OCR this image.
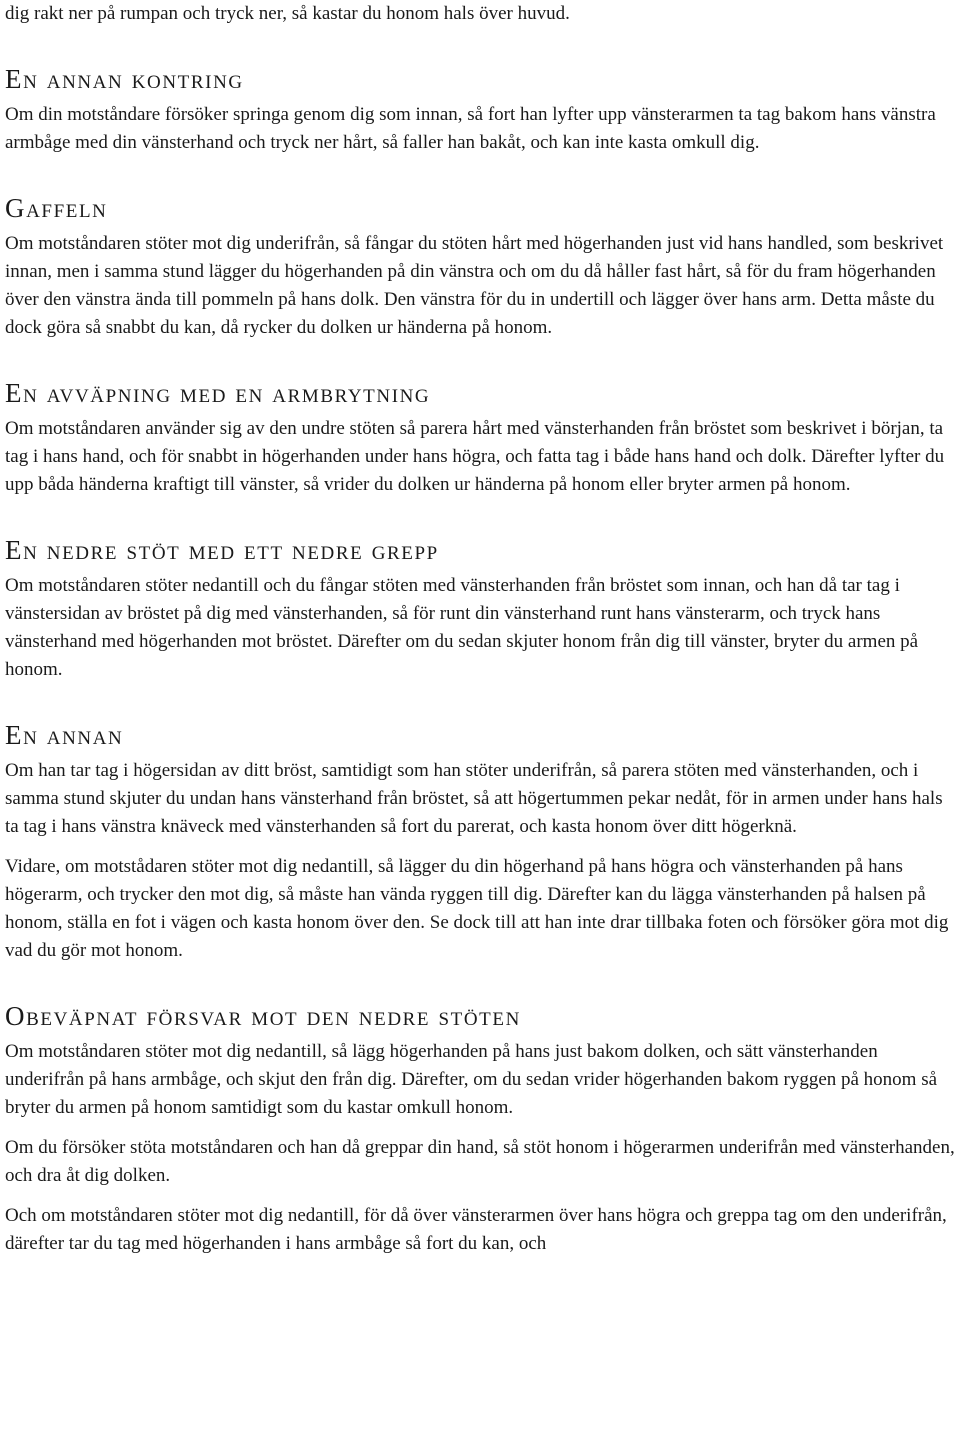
dig rakt ner på rumpan och tryck ner, så kastar du honom hals över huvud.

En annan kontring

Om din motståndare försöker springa genom dig som innan, så fort han lyfter upp vänsterarmen ta tag bakom hans vänstra armbåge med din vänsterhand och tryck ner hårt, så faller han bakåt, och kan inte kasta omkull dig.

Gaffeln

Om motståndaren stöter mot dig underifrån, så fångar du stöten hårt med högerhanden just vid hans handled, som beskrivet innan, men i samma stund lägger du högerhanden på din vänstra och om du då håller fast hårt, så för du fram högerhanden över den vänstra ända till pommeln på hans dolk. Den vänstra för du in undertill och lägger över hans arm. Detta måste du dock göra så snabbt du kan, då rycker du dolken ur händerna på honom.

En avväpning med en armbrytning

Om motståndaren använder sig av den undre stöten så parera hårt med vänsterhanden från bröstet som beskrivet i början, ta tag i hans hand, och för snabbt in högerhanden under hans högra, och fatta tag i både hans hand och dolk. Därefter lyfter du upp båda händerna kraftigt till vänster, så vrider du dolken ur händerna på honom eller bryter armen på honom.

En nedre stöt med ett nedre grepp

Om motståndaren stöter nedantill och du fångar stöten med vänsterhanden från bröstet som innan, och han då tar tag i vänstersidan av bröstet på dig med vänsterhanden, så för runt din vänsterhand runt hans vänsterarm, och tryck hans vänsterhand med högerhanden mot bröstet. Därefter om du sedan skjuter honom från dig till vänster, bryter du armen på honom.

En annan

Om han tar tag i högersidan av ditt bröst, samtidigt som han stöter underifrån, så parera stöten med vänsterhanden, och i samma stund skjuter du undan hans vänsterhand från bröstet, så att högertummen pekar nedåt, för in armen under hans hals ta tag i hans vänstra knäveck med vänsterhanden så fort du parerat, och kasta honom över ditt högerknä.

Vidare, om motstådaren stöter mot dig nedantill, så lägger du din högerhand på hans högra och vänsterhanden på hans högerarm, och trycker den mot dig, så måste han vända ryggen till dig. Därefter kan du lägga vänsterhanden på halsen på honom, ställa en fot i vägen och kasta honom över den. Se dock till att han inte drar tillbaka foten och försöker göra mot dig vad du gör mot honom.

Obeväpnat försvar mot den nedre stöten

Om motståndaren stöter mot dig nedantill, så lägg högerhanden på hans just bakom dolken, och sätt vänsterhanden underifrån på hans armbåge, och skjut den från dig. Därefter, om du sedan vrider högerhanden bakom ryggen på honom så bryter du armen på honom samtidigt som du kastar omkull honom.

Om du försöker stöta motståndaren och han då greppar din hand, så stöt honom i högerarmen underifrån med vänsterhanden, och dra åt dig dolken.

Och om motståndaren stöter mot dig nedantill, för då över vänsterarmen över hans högra och greppa tag om den underifrån, därefter tar du tag med högerhanden i hans armbåge så fort du kan, och
